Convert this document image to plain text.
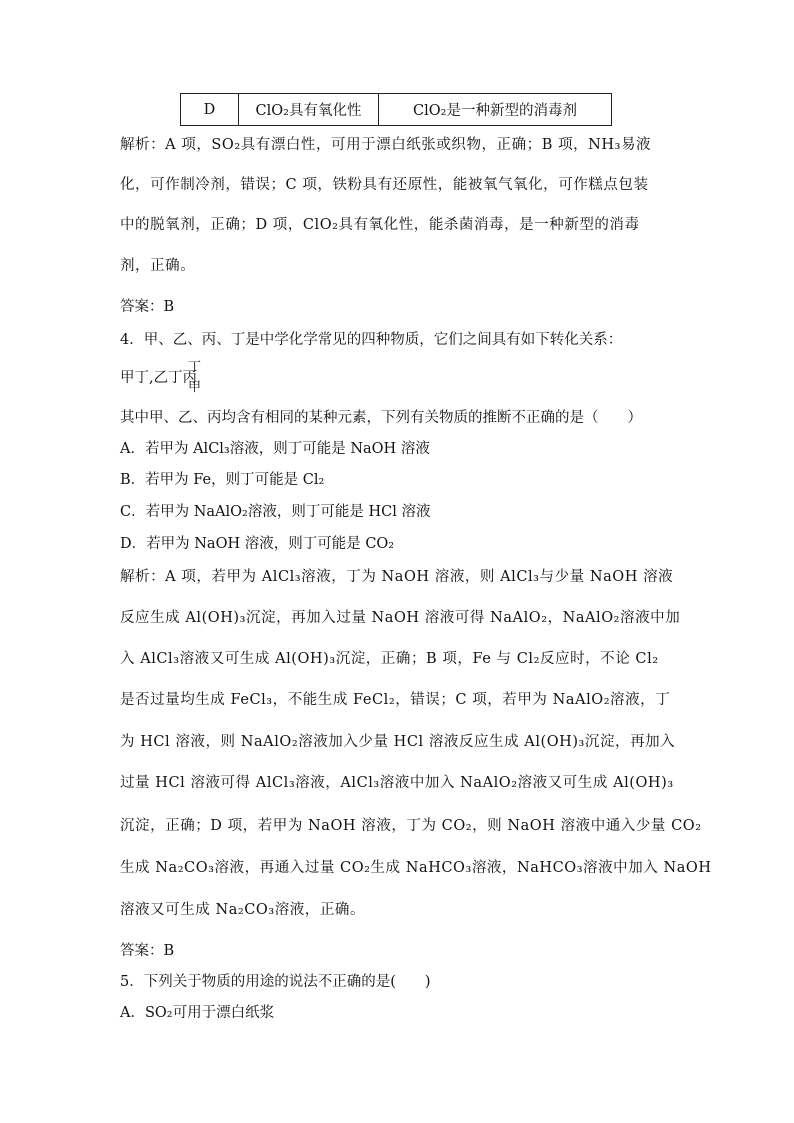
D	ClO₂具有氧化性	ClO₂是一种新型的消毒剂
解析：A 项，SO₂具有漂白性，可用于漂白纸张或织物，正确；B 项，NH₃易液
化，可作制冷剂，错误；C 项，铁粉具有还原性，能被氧气氧化，可作糕点包装
中的脱氧剂，正确；D 项，ClO₂具有氧化性，能杀菌消毒，是一种新型的消毒
剂，正确。
答案：B
4．甲、乙、丙、丁是中学化学常见的四种物质，它们之间具有如下转化关系：
甲丁,乙丁丙
丁
甲
其中甲、乙、丙均含有相同的某种元素，下列有关物质的推断不正确的是（　　）
A．若甲为 AlCl₃溶液，则丁可能是 NaOH 溶液
B．若甲为 Fe，则丁可能是 Cl₂
C．若甲为 NaAlO₂溶液，则丁可能是 HCl 溶液
D．若甲为 NaOH 溶液，则丁可能是 CO₂
解析：A 项，若甲为 AlCl₃溶液，丁为 NaOH 溶液，则 AlCl₃与少量 NaOH 溶液
反应生成 Al(OH)₃沉淀，再加入过量 NaOH 溶液可得 NaAlO₂，NaAlO₂溶液中加
入 AlCl₃溶液又可生成 Al(OH)₃沉淀，正确；B 项，Fe 与 Cl₂反应时，不论 Cl₂
是否过量均生成 FeCl₃，不能生成 FeCl₂，错误；C 项，若甲为 NaAlO₂溶液，丁
为 HCl 溶液，则 NaAlO₂溶液加入少量 HCl 溶液反应生成 Al(OH)₃沉淀，再加入
过量 HCl 溶液可得 AlCl₃溶液，AlCl₃溶液中加入 NaAlO₂溶液又可生成 Al(OH)₃
沉淀，正确；D 项，若甲为 NaOH 溶液，丁为 CO₂，则 NaOH 溶液中通入少量 CO₂
生成 Na₂CO₃溶液，再通入过量 CO₂生成 NaHCO₃溶液，NaHCO₃溶液中加入 NaOH
溶液又可生成 Na₂CO₃溶液，正确。
答案：B
5．下列关于物质的用途的说法不正确的是(　　)
A．SO₂可用于漂白纸浆
